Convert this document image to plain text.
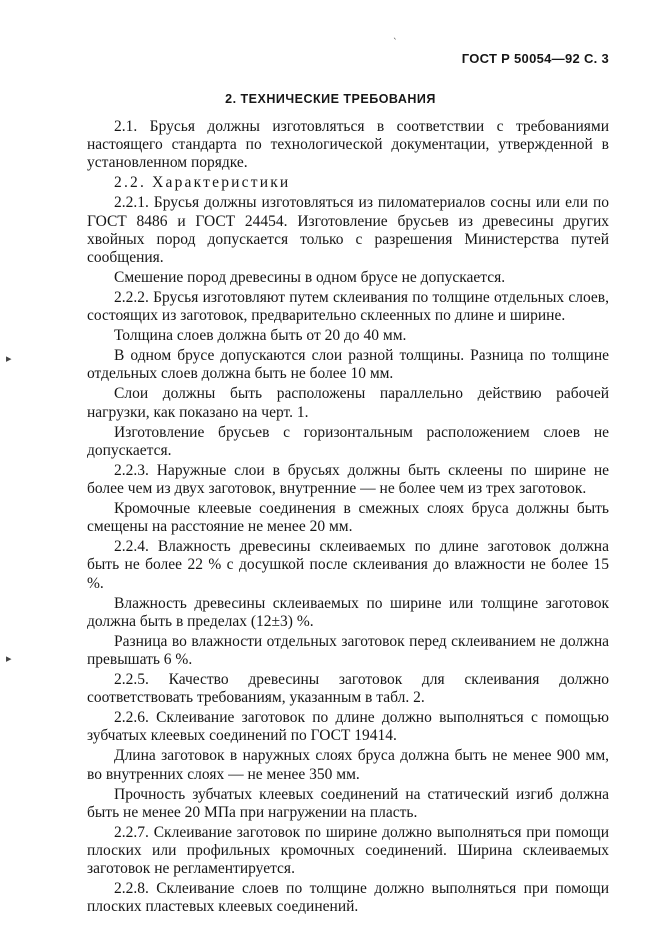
ГОСТ Р 50054—92 С. 3
2. ТЕХНИЧЕСКИЕ ТРЕБОВАНИЯ

2.1. Брусья должны изготовляться в соответствии с требованиями настоящего стандарта по технологической документации, утвержденной в установленном порядке.

2.2. Характеристики

2.2.1. Брусья должны изготовляться из пиломатериалов сосны или ели по ГОСТ 8486 и ГОСТ 24454. Изготовление брусьев из древесины других хвойных пород допускается только с разрешения Министерства путей сообщения.

Смешение пород древесины в одном брусе не допускается.

2.2.2. Брусья изготовляют путем склеивания по толщине отдельных слоев, состоящих из заготовок, предварительно склеенных по длине и ширине.

Толщина слоев должна быть от 20 до 40 мм.

В одном брусе допускаются слои разной толщины. Разница по толщине отдельных слоев должна быть не более 10 мм.

Слои должны быть расположены параллельно действию рабочей нагрузки, как показано на черт. 1.

Изготовление брусьев с горизонтальным расположением слоев не допускается.

2.2.3. Наружные слои в брусьях должны быть склеены по ширине не более чем из двух заготовок, внутренние — не более чем из трех заготовок.

Кромочные клеевые соединения в смежных слоях бруса должны быть смещены на расстояние не менее 20 мм.

2.2.4. Влажность древесины склеиваемых по длине заготовок должна быть не более 22 % с досушкой после склеивания до влажности не более 15 %.

Влажность древесины склеиваемых по ширине или толщине заготовок должна быть в пределах (12±3) %.

Разница во влажности отдельных заготовок перед склеиванием не должна превышать 6 %.

2.2.5. Качество древесины заготовок для склеивания должно соответствовать требованиям, указанным в табл. 2.

2.2.6. Склеивание заготовок по длине должно выполняться с помощью зубчатых клеевых соединений по ГОСТ 19414.

Длина заготовок в наружных слоях бруса должна быть не менее 900 мм, во внутренних слоях — не менее 350 мм.

Прочность зубчатых клеевых соединений на статический изгиб должна быть не менее 20 МПа при нагружении на пласть.

2.2.7. Склеивание заготовок по ширине должно выполняться при помощи плоских или профильных кромочных соединений. Ширина склеиваемых заготовок не регламентируется.

2.2.8. Склеивание слоев по толщине должно выполняться при помощи плоских пластевых клеевых соединений.

▸
▸
ˋ
